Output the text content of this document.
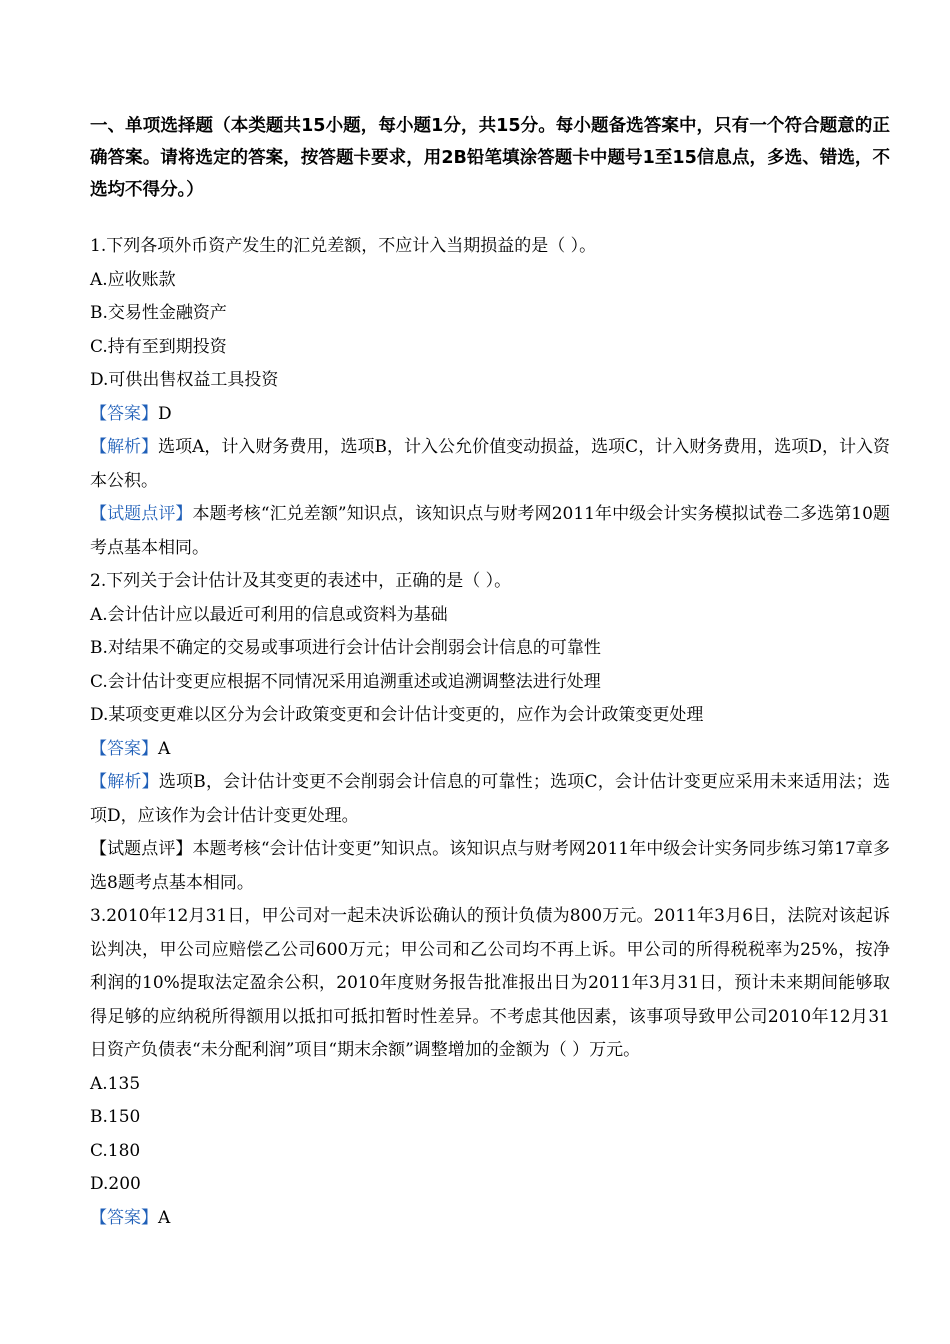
一、单项选择题（本类题共15小题，每小题1分，共15分。每小题备选答案中，只有一个符合题意的正确答案。请将选定的答案，按答题卡要求，用2B铅笔填涂答题卡中题号1至15信息点，多选、错选，不选均不得分。）

1.下列各项外币资产发生的汇兑差额，不应计入当期损益的是（ ）。

A.应收账款

B.交易性金融资产

C.持有至到期投资

D.可供出售权益工具投资

【答案】D

【解析】选项A，计入财务费用，选项B，计入公允价值变动损益，选项C，计入财务费用，选项D，计入资本公积。

【试题点评】本题考核“汇兑差额”知识点，该知识点与财考网2011年中级会计实务模拟试卷二多选第10题考点基本相同。

2.下列关于会计估计及其变更的表述中，正确的是（ ）。

A.会计估计应以最近可利用的信息或资料为基础

B.对结果不确定的交易或事项进行会计估计会削弱会计信息的可靠性

C.会计估计变更应根据不同情况采用追溯重述或追溯调整法进行处理

D.某项变更难以区分为会计政策变更和会计估计变更的，应作为会计政策变更处理

【答案】A

【解析】选项B，会计估计变更不会削弱会计信息的可靠性；选项C，会计估计变更应采用未来适用法；选项D，应该作为会计估计变更处理。

【试题点评】本题考核“会计估计变更”知识点。该知识点与财考网2011年中级会计实务同步练习第17章多选8题考点基本相同。

3.2010年12月31日，甲公司对一起未决诉讼确认的预计负债为800万元。2011年3月6日，法院对该起诉讼判决，甲公司应赔偿乙公司600万元；甲公司和乙公司均不再上诉。甲公司的所得税税率为25%，按净利润的10%提取法定盈余公积，2010年度财务报告批准报出日为2011年3月31日，预计未来期间能够取得足够的应纳税所得额用以抵扣可抵扣暂时性差异。不考虑其他因素，该事项导致甲公司2010年12月31日资产负债表“未分配利润”项目“期末余额”调整增加的金额为（ ）万元。

A.135

B.150

C.180

D.200

【答案】A
